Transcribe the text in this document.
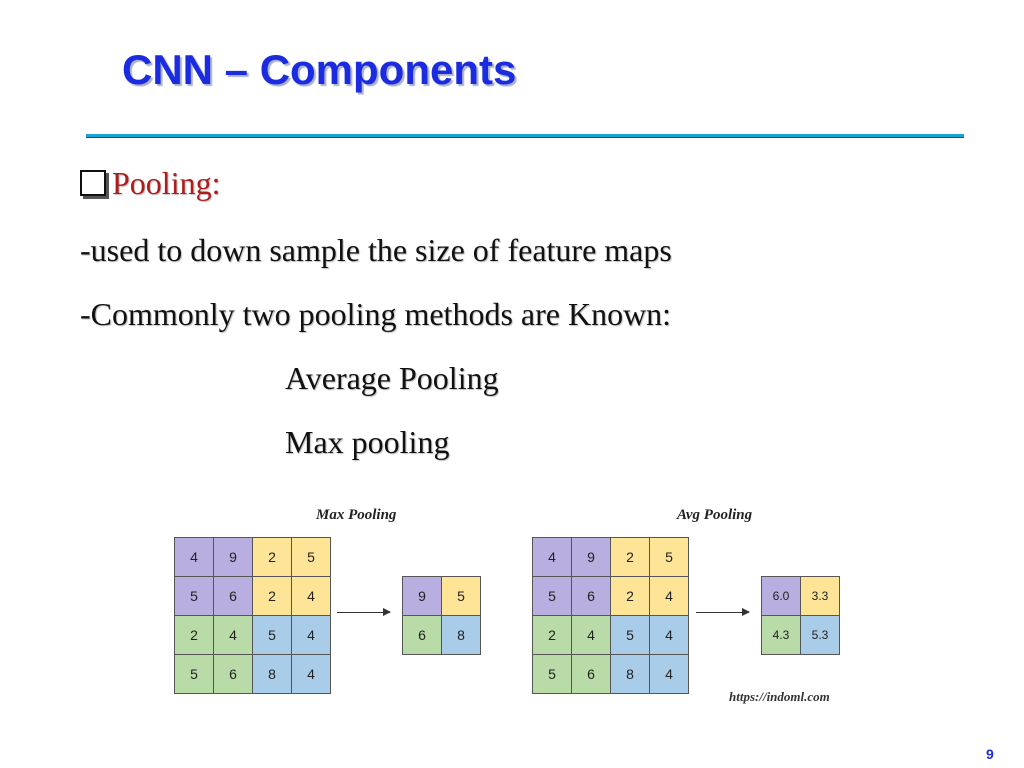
CNN – Components
Pooling:
-used to down sample the size of feature maps
-Commonly two pooling methods are Known:
Average Pooling
Max pooling
Max Pooling
4	9	2	5
5	6	2	4
2	4	5	4
5	6	8	4
9	5
6	8
Avg Pooling
4	9	2	5
5	6	2	4
2	4	5	4
5	6	8	4
6.0	3.3
4.3	5.3
https://indoml.com
9
